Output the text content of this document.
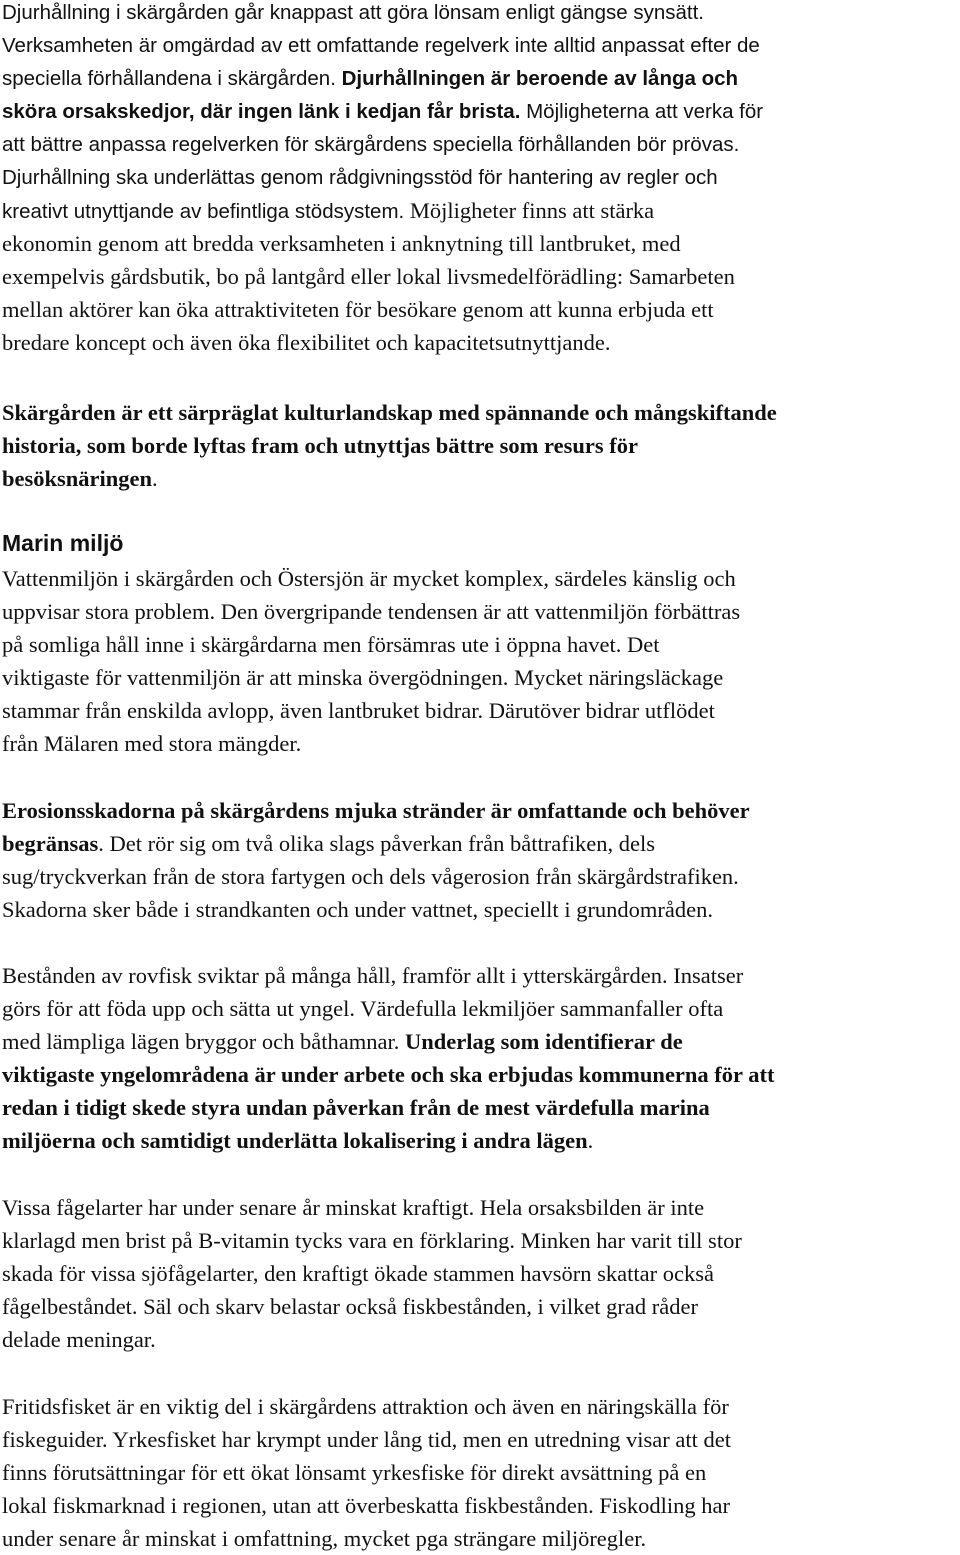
Djurhållning i skärgården går knappast att göra lönsam enligt gängse synsätt.
Verksamheten är omgärdad av ett omfattande regelverk inte alltid anpassat efter de
speciella förhållandena i skärgården. Djurhållningen är beroende av långa och
sköra orsakskedjor, där ingen länk i kedjan får brista. Möjligheterna att verka för
att bättre anpassa regelverken för skärgårdens speciella förhållanden bör prövas.
Djurhållning ska underlättas genom rådgivningsstöd för hantering av regler och
kreativt utnyttjande av befintliga stödsystem. Möjligheter finns att stärka
ekonomin genom att bredda verksamheten i anknytning till lantbruket, med
exempelvis gårdsbutik, bo på lantgård eller lokal livsmedelförädling: Samarbeten
mellan aktörer kan öka attraktiviteten för besökare genom att kunna erbjuda ett
bredare koncept och även öka flexibilitet och kapacitetsutnyttjande.
Skärgården är ett särpräglat kulturlandskap med spännande och mångskiftande
historia, som borde lyftas fram och utnyttjas bättre som resurs för
besöksnäringen.
Marin miljö
Vattenmiljön i skärgården och Östersjön är mycket komplex, särdeles känslig och
uppvisar stora problem. Den övergripande tendensen är att vattenmiljön förbättras
på somliga håll inne i skärgårdarna men försämras ute i öppna havet. Det
viktigaste för vattenmiljön är att minska övergödningen. Mycket näringsläckage
stammar från enskilda avlopp, även lantbruket bidrar. Därutöver bidrar utflödet
från Mälaren med stora mängder.
Erosionsskadorna på skärgårdens mjuka stränder är omfattande och behöver
begränsas. Det rör sig om två olika slags påverkan från båttrafiken, dels
sug/tryckverkan från de stora fartygen och dels vågerosion från skärgårdstrafiken.
Skadorna sker både i strandkanten och under vattnet, speciellt i grundområden.
Bestånden av rovfisk sviktar på många håll, framför allt i ytterskärgården. Insatser
görs för att föda upp och sätta ut yngel. Värdefulla lekmiljöer sammanfaller ofta
med lämpliga lägen bryggor och båthamnar. Underlag som identifierar de
viktigaste yngelområdena är under arbete och ska erbjudas kommunerna för att
redan i tidigt skede styra undan påverkan från de mest värdefulla marina
miljöerna och samtidigt underlätta lokalisering i andra lägen.
Vissa fågelarter har under senare år minskat kraftigt. Hela orsaksbilden är inte
klarlagd men brist på B-vitamin tycks vara en förklaring. Minken har varit till stor
skada för vissa sjöfågelarter, den kraftigt ökade stammen havsörn skattar också
fågelbeståndet. Säl och skarv belastar också fiskbestånden, i vilket grad råder
delade meningar.
Fritidsfisket är en viktig del i skärgårdens attraktion och även en näringskälla för
fiskeguider. Yrkesfisket har krympt under lång tid, men en utredning visar att det
finns förutsättningar för ett ökat lönsamt yrkesfiske för direkt avsättning på en
lokal fiskmarknad i regionen, utan att överbeskatta fiskbestånden. Fiskodling har
under senare år minskat i omfattning, mycket pga strängare miljöregler.
